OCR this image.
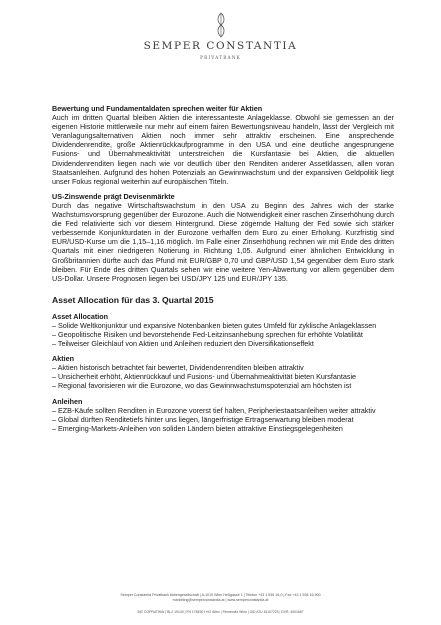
SEMPER CONSTANTIA
PRIVATBANK

Bewertung und Fundamentaldaten sprechen weiter für Aktien

Auch im dritten Quartal bleiben Aktien die interessanteste Anlageklasse. Obwohl sie gemessen an der eigenen Historie mittlerweile nur mehr auf einem fairen Bewertungsniveau handeln, lässt der Vergleich mit Veranlagungsalternativen Aktien noch immer sehr attraktiv erscheinen. Eine ansprechende Dividendenrendite, große Aktienrückkaufprogramme in den USA und eine deutliche angesprungene Fusions- und Übernahmeaktivität unterstreichen die Kursfantasie bei Aktien, die aktuellen Dividendenrenditen liegen nach wie vor deutlich über den Renditen anderer Assetklassen, allen voran Staatsanleihen. Aufgrund des hohen Potenzials an Gewinnwachstum und der expansiven Geldpolitik liegt unser Fokus regional weiterhin auf europäischen Titeln.

US-Zinswende prägt Devisenmärkte

Durch das negative Wirtschaftswachstum in den USA zu Beginn des Jahres wich der starke Wachstumsvorsprung gegenüber der Eurozone. Auch die Notwendigkeit einer raschen Zinserhöhung durch die Fed relativierte sich vor diesem Hintergrund. Diese zögernde Haltung der Fed sowie sich stärker verbessernde Konjunkturdaten in der Eurozone verhalfen dem Euro zu einer Erholung. Kurzfristig sind EUR/USD-Kurse um die 1,15–1,16 möglich. Im Falle einer Zinserhöhung rechnen wir mit Ende des dritten Quartals mit einer niedrigeren Notierung in Richtung 1,05. Aufgrund einer ähnlichen Entwicklung in Großbritannien dürfte auch das Pfund mit EUR/GBP 0,70 und GBP/USD 1,54 gegenüber dem Euro stark bleiben. Für Ende des dritten Quartals sehen wir eine weitere Yen-Abwertung vor allem gegenüber dem US-Dollar. Unsere Prognosen liegen bei USD/JPY 125 und EUR/JPY 135.

Asset Allocation für das 3. Quartal 2015

Asset Allocation

– Solide Weltkonjunktur und expansive Notenbanken bieten gutes Umfeld für zyklische Anlageklassen
– Geopolitische Risiken und bevorstehende Fed-Leitzinsanhebung sprechen für erhöhte Volatilität
– Teilweiser Gleichlauf von Aktien und Anleihen reduziert den Diversifikationseffekt

Aktien

– Aktien historisch betrachtet fair bewertet, Dividendenrenditen bleiben attraktiv
– Unsicherheit erhöht, Aktienrückkauf und Fusions- und Übernahmeaktivität bieten Kursfantasie
– Regional favorisieren wir die Eurozone, wo das Gewinnwachstumspotenzial am höchsten ist

Anleihen

– EZB-Käufe sollten Renditen in Eurozone vorerst tief halten, Peripheriestaatsanleihen weiter attraktiv
– Global dürften Renditetiefs hinter uns liegen, längerfristige Ertragserwartung bleiben moderat
– Emerging-Markets-Anleihen von soliden Ländern bieten attraktive Einstiegsgelegenheiten
Semper Constantia Privatbank Aktiengesellschaft | A-1010 Wien Heßgasse 1 | Telefon +43 1 536 16-0 | Fax +43 1 536 16-900
marketing@semperconstantia.at | www.semperconstantia.at
BIC COPRATWW | BLZ 19140 | FN 175490 t HG Wien | Firmensitz Wien | UID ATU 61107223 | DVR: 4001687
